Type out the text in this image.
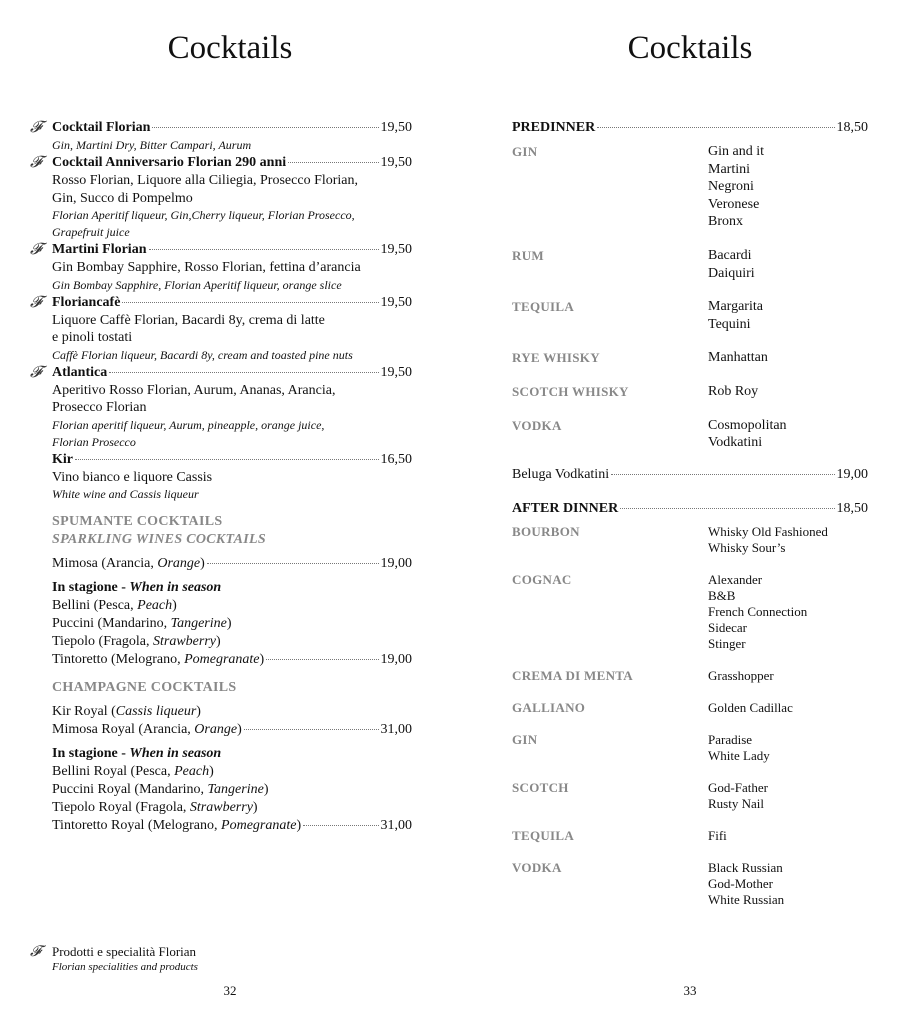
Cocktails	Cocktails
𝓕 Cocktail Florian	19,50
Gin, Martini Dry, Bitter Campari, Aurum
𝓕 Cocktail Anniversario Florian 290 anni	19,50
Rosso Florian, Liquore alla Ciliegia, Prosecco Florian,
Gin, Succo di Pompelmo
Florian Aperitif liqueur, Gin,Cherry liqueur, Florian Prosecco,
Grapefruit juice
𝓕 Martini Florian	19,50
Gin Bombay Sapphire, Rosso Florian, fettina d’arancia
Gin Bombay Sapphire, Florian Aperitif liqueur, orange slice
𝓕 Floriancafè	19,50
Liquore Caffè Florian, Bacardi 8y, crema di latte
e pinoli tostati
Caffè Florian liqueur, Bacardi 8y, cream and toasted pine nuts
𝓕 Atlantica	19,50
Aperitivo Rosso Florian, Aurum, Ananas, Arancia,
Prosecco Florian
Florian aperitif liqueur, Aurum, pineapple, orange juice,
Florian Prosecco
Kir	16,50
Vino bianco e liquore Cassis
White wine and Cassis liqueur
SPUMANTE COCKTAILS
SPARKLING WINES COCKTAILS
Mimosa (Arancia, Orange)	19,00
In stagione - When in season
Bellini (Pesca, Peach)
Puccini (Mandarino, Tangerine)
Tiepolo (Fragola, Strawberry)
Tintoretto (Melograno, Pomegranate)	19,00
CHAMPAGNE COCKTAILS
Kir Royal (Cassis liqueur)
Mimosa Royal (Arancia, Orange)	31,00
In stagione - When in season
Bellini Royal (Pesca, Peach)
Puccini Royal (Mandarino, Tangerine)
Tiepolo Royal (Fragola, Strawberry)
Tintoretto Royal (Melograno, Pomegranate)	31,00
PREDINNER	18,50
GIN	Gin and it
Martini
Negroni
Veronese
Bronx
RUM	Bacardi
Daiquiri
TEQUILA	Margarita
Tequini
RYE WHISKY	Manhattan
SCOTCH WHISKY	Rob Roy
VODKA	Cosmopolitan
Vodkatini
Beluga Vodkatini	19,00
AFTER DINNER	18,50
BOURBON	Whisky Old Fashioned
Whisky Sour’s
COGNAC	Alexander
B&B
French Connection
Sidecar
Stinger
CREMA DI MENTA	Grasshopper
GALLIANO	Golden Cadillac
GIN	Paradise
White Lady
SCOTCH	God-Father
Rusty Nail
TEQUILA	Fifi
VODKA	Black Russian
God-Mother
White Russian
𝓕 Prodotti e specialità Florian
Florian specialities and products
32	33
